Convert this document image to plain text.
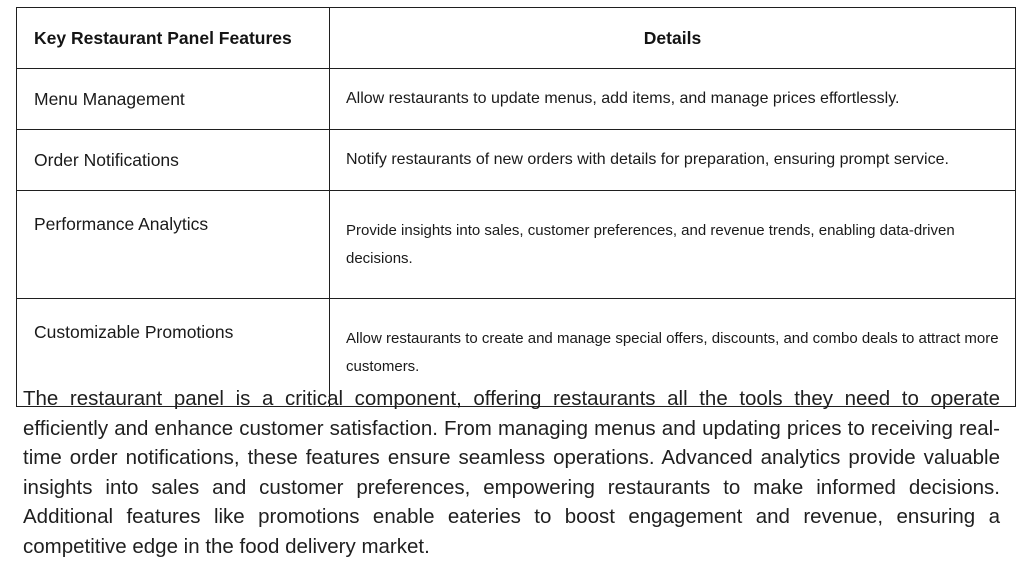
Key Restaurant Panel Features	Details
Menu Management	Allow restaurants to update menus, add items, and manage prices effortlessly.
Order Notifications	Notify restaurants of new orders with details for preparation, ensuring prompt service.
Performance Analytics	Provide insights into sales, customer preferences, and revenue trends, enabling data-driven decisions.
Customizable Promotions	Allow restaurants to create and manage special offers, discounts, and combo deals to attract more customers.

The restaurant panel is a critical component, offering restaurants all the tools they need to operate efficiently and enhance customer satisfaction. From managing menus and updating prices to receiving real-time order notifications, these features ensure seamless operations. Advanced analytics provide valuable insights into sales and customer preferences, empowering restaurants to make informed decisions. Additional features like promotions enable eateries to boost engagement and revenue, ensuring a competitive edge in the food delivery market.
